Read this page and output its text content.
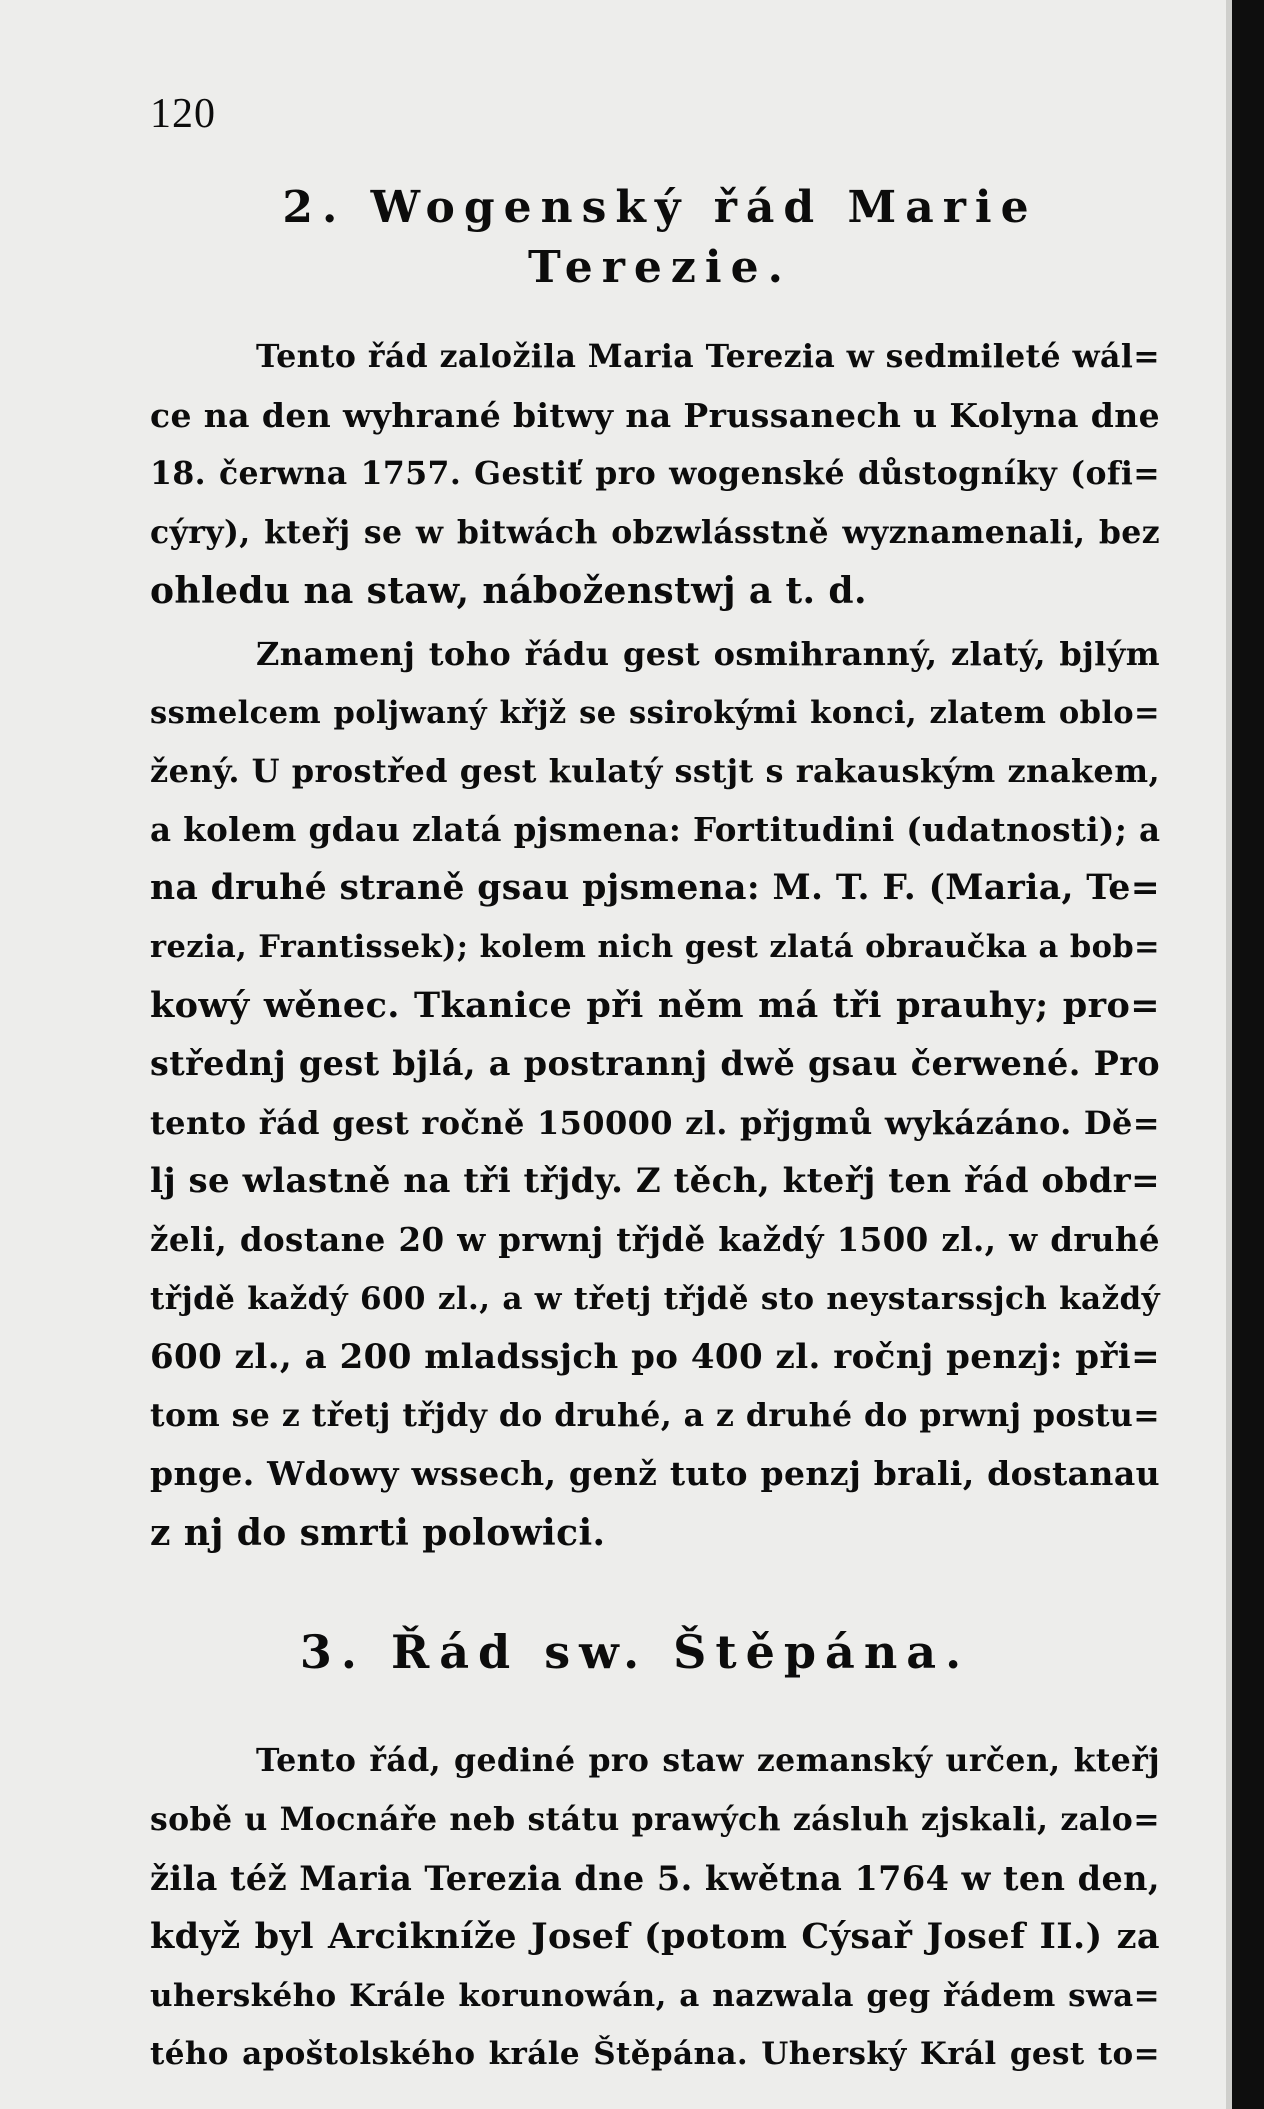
120
2. Wogenský řád Marie Terezie.

Tento řád založila Maria Terezia w sedmileté wál=
ce na den wyhrané bitwy na Prussanech u Kolyna dne
18. čerwna 1757. Gestiť pro wogenské důstogníky (ofi=
cýry), kteřj se w bitwách obzwlásstně wyznamenali, bez
ohledu na staw, náboženstwj a t. d.

Znamenj toho řádu gest osmihranný, zlatý, bjlým
ssmelcem poljwaný křjž se ssirokými konci, zlatem oblo=
žený. U prostřed gest kulatý sstjt s rakauským znakem,
a kolem gdau zlatá pjsmena: Fortitudini (udatnosti); a
na druhé straně gsau pjsmena: M. T. F. (Maria, Te=
rezia, Frantissek); kolem nich gest zlatá obraučka a bob=
kowý wěnec. Tkanice při něm má tři prauhy; pro=
střednj gest bjlá, a postrannj dwě gsau čerwené. Pro
tento řád gest ročně 150000 zl. přjgmů wykázáno. Dě=
lj se wlastně na tři třjdy. Z těch, kteřj ten řád obdr=
želi, dostane 20 w prwnj třjdě každý 1500 zl., w druhé
třjdě každý 600 zl., a w třetj třjdě sto neystarssjch každý
600 zl., a 200 mladssjch po 400 zl. ročnj penzj: při=
tom se z třetj třjdy do druhé, a z druhé do prwnj postu=
pnge. Wdowy wssech, genž tuto penzj brali, dostanau
z nj do smrti polowici.

3. Řád sw. Štěpána.

Tento řád, gediné pro staw zemanský určen, kteřj
sobě u Mocnáře neb státu prawých zásluh zjskali, zalo=
žila též Maria Terezia dne 5. kwětna 1764 w ten den,
když byl Arcikníže Josef (potom Cýsař Josef II.) za
uherského Krále korunowán, a nazwala geg řádem swa=
tého apoštolského krále Štěpána. Uherský Král gest to=
